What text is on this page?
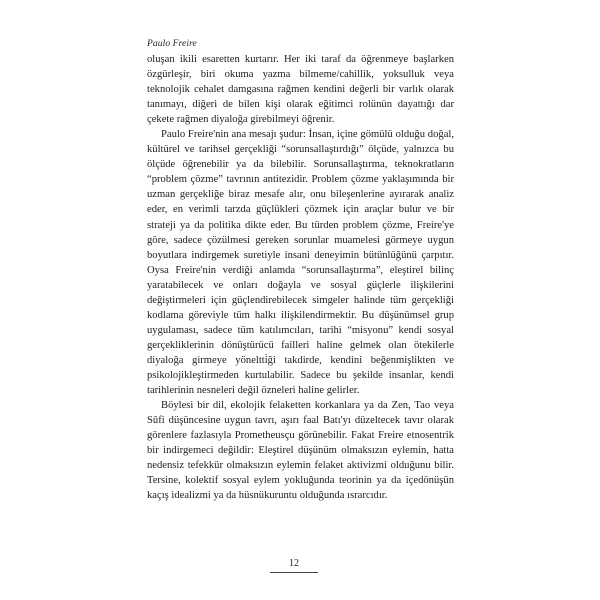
Paulo Freire

oluşan ikili esaretten kurtarır. Her iki taraf da öğrenmeye başlarken özgürleşir, biri okuma yazma bilmeme/cahillik, yoksulluk veya teknolojik cehalet damgasına rağmen kendini değerli bir varlık olarak tanımayı, diğeri de bilen kişi olarak eğitimci rolünün dayattığı dar çekete rağmen diyaloğa girebilmeyi öğrenir.

Paulo Freire'nin ana mesajı şudur: İnsan, içine gömülü olduğu doğal, kültürel ve tarihsel gerçekliği “sorunsallaştırdığı” ölçüde, yalnızca bu ölçüde öğrenebilir ya da bilebilir. Sorunsallaştırma, teknokratların “problem çözme” tavrının antitezidir. Problem çözme yaklaşımında bir uzman gerçekliğe biraz mesafe alır, onu bileşenlerine ayırarak analiz eder, en verimli tarzda güçlükleri çözmek için araçlar bulur ve bir strateji ya da politika dikte eder. Bu türden problem çözme, Freire'ye göre, sadece çözülmesi gereken sorunlar muamelesi görmeye uygun boyutlara indirgemek suretiyle insani deneyimin bütünlüğünü çarpıtır. Oysa Freire'nin verdiği anlamda “sorunsallaştırma”, eleştirel bilinç yaratabilecek ve onları doğayla ve sosyal güçlerle ilişkilerini değiştirmeleri için güçlendirebilecek simgeler halinde tüm gerçekliği kodlama göreviyle tüm halkı ilişkilendirmektir. Bu düşünümsel grup uygulaması, sadece tüm katılımcıları, tarihi “misyonu” kendi sosyal gerçekliklerinin dönüştürücü failleri haline gelmek olan ötekilerle diyaloğa girmeye yöneltti̇ği takdirde, kendini beğenmişlikten ve psikolojikleştirmeden kurtulabilir. Sadece bu şekilde insanlar, kendi tarihlerinin nesneleri değil özneleri haline gelirler.

Böylesi bir dil, ekolojik felaketten korkanlara ya da Zen, Tao veya Sûfi düşüncesine uygun tavrı, aşırı faal Batı'yı düzeltecek tavır olarak görenlere fazlasıyla Prometheusçu görünebilir. Fakat Freire etnosentrik bir indirgemeci değildir: Eleştirel düşünüm olmaksızın eylemin, hatta nedensiz tefekkür olmaksızın eylemin felaket aktivizmi olduğunu bilir. Tersine, kolektif sosyal eylem yokluğunda teorinin ya da içedönüşün kaçış idealizmi ya da hüsnükuruntu olduğunda ısrarcıdır.

12
